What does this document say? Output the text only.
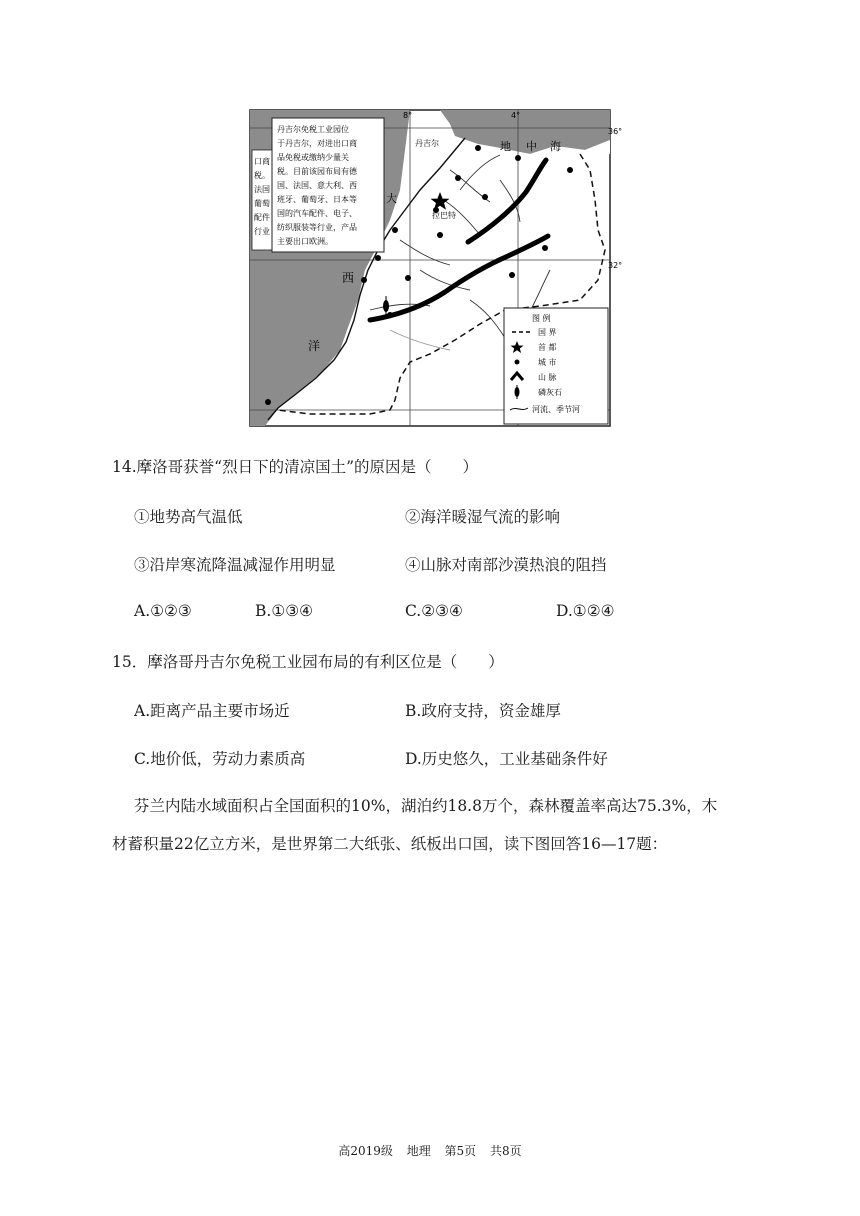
丹吉尔	地 中 海
拉巴特
大
西
洋
8°	4°
36°
32°
口商
税。
法国
葡萄
配件
行业
丹吉尔免税工业园位
于丹吉尔，对进出口商
品免税或缴纳少量关
税。目前该园布局有德
国、法国、意大利、西
班牙、葡萄牙、日本等
国的汽车配件、电子、
纺织服装等行业，产品
主要出口欧洲。
图 例
国 界
首 都
城 市
山 脉
磷灰石
河流、季节河
14.摩洛哥获誉“烈日下的清凉国土”的原因是（　　）
①地势高气温低	②海洋暖湿气流的影响
③沿岸寒流降温减湿作用明显	④山脉对南部沙漠热浪的阻挡
A.①②③	B.①③④	C.②③④	D.①②④
15．摩洛哥丹吉尔免税工业园布局的有利区位是（　　）
A.距离产品主要市场近	B.政府支持，资金雄厚
C.地价低，劳动力素质高	D.历史悠久，工业基础条件好
芬兰内陆水域面积占全国面积的10%，湖泊约18.8万个，森林覆盖率高达75.3%，木
材蓄积量22亿立方米，是世界第二大纸张、纸板出口国，读下图回答16—17题：
高2019级 地理 第5页 共8页
